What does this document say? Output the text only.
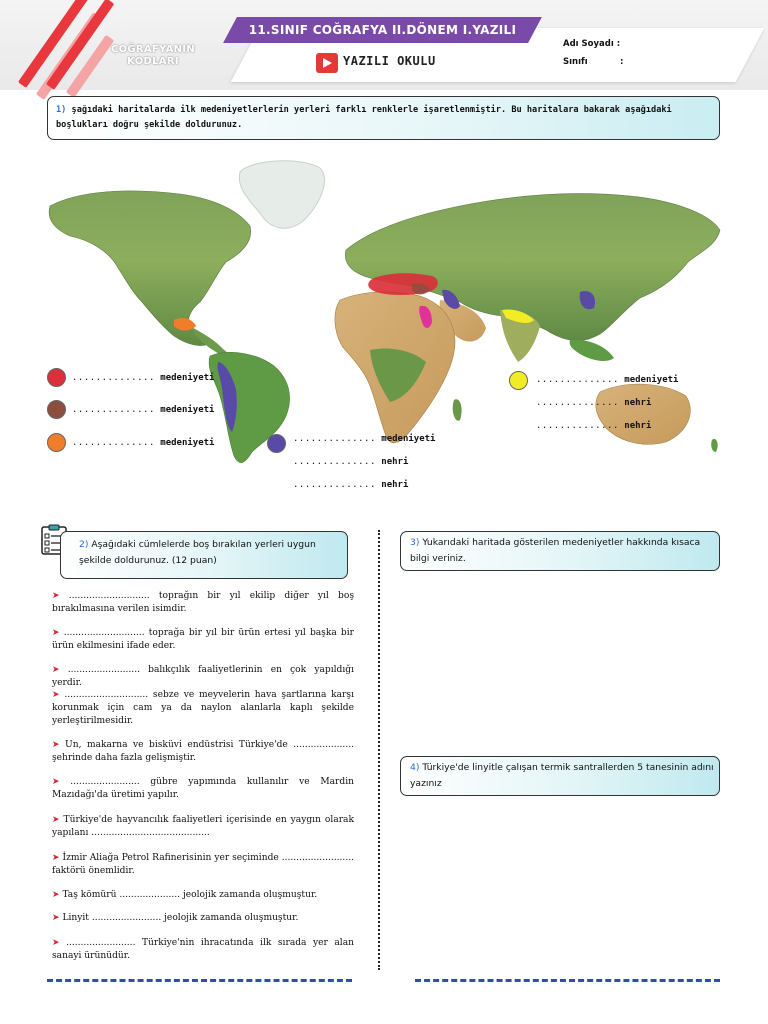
COĞRAFYANIN
KODLARI
11.SINIF COĞRAFYA II.DÖNEM I.YAZILI
YAZILI OKULU
Adı Soyadı :
Sınıfı	:
1) şağıdaki haritalarda ilk medeniyetlerlerin yerleri farklı renklerle işaretlenmiştir. Bu haritalara bakarak aşağıdaki boşlukları doğru şekilde doldurunuz.
.............. medeniyeti
.............. medeniyeti
.............. medeniyeti	.............. medeniyeti
.............. nehri
.............. nehri
.............. medeniyeti
.............. nehri
.............. nehri
2) Aşağıdaki cümlelerde boş bırakılan yerleri uygun şekilde doldurunuz. (12 puan)
➤ ............................ toprağın bir yıl ekilip diğer yıl boş bırakılmasına verilen isimdir.
➤ ............................ toprağa bir yıl bir ürün ertesi yıl başka bir ürün ekilmesini ifade eder.
➤ ......................... balıkçılık faaliyetlerinin en çok yapıldığı yerdir.
➤ ............................. sebze ve meyvelerin hava şartlarına karşı korunmak için cam ya da naylon alanlarla kaplı şekilde yerleştirilmesidir.
➤ Un, makarna ve bisküvi endüstrisi Türkiye'de ..................... şehrinde daha fazla gelişmiştir.
➤ ........................ gübre yapımında kullanılır ve Mardin Mazıdağı'da üretimi yapılır.
➤ Türkiye'de hayvancılık faaliyetleri içerisinde en yaygın olarak yapılanı .........................................
➤ İzmir Aliağa Petrol Rafinerisinin yer seçiminde ......................... faktörü önemlidir.
➤ Taş kömürü ..................... jeolojik zamanda oluşmuştur.
➤ Linyit ........................ jeolojik zamanda oluşmuştur.
➤ ........................ Türkiye'nin ihracatında ilk sırada yer alan sanayi ürünüdür.
3) Yukarıdaki haritada gösterilen medeniyetler hakkında kısaca bilgi veriniz.
4) Türkiye'de linyitle çalışan termik santrallerden 5 tanesinin adını yazınız
